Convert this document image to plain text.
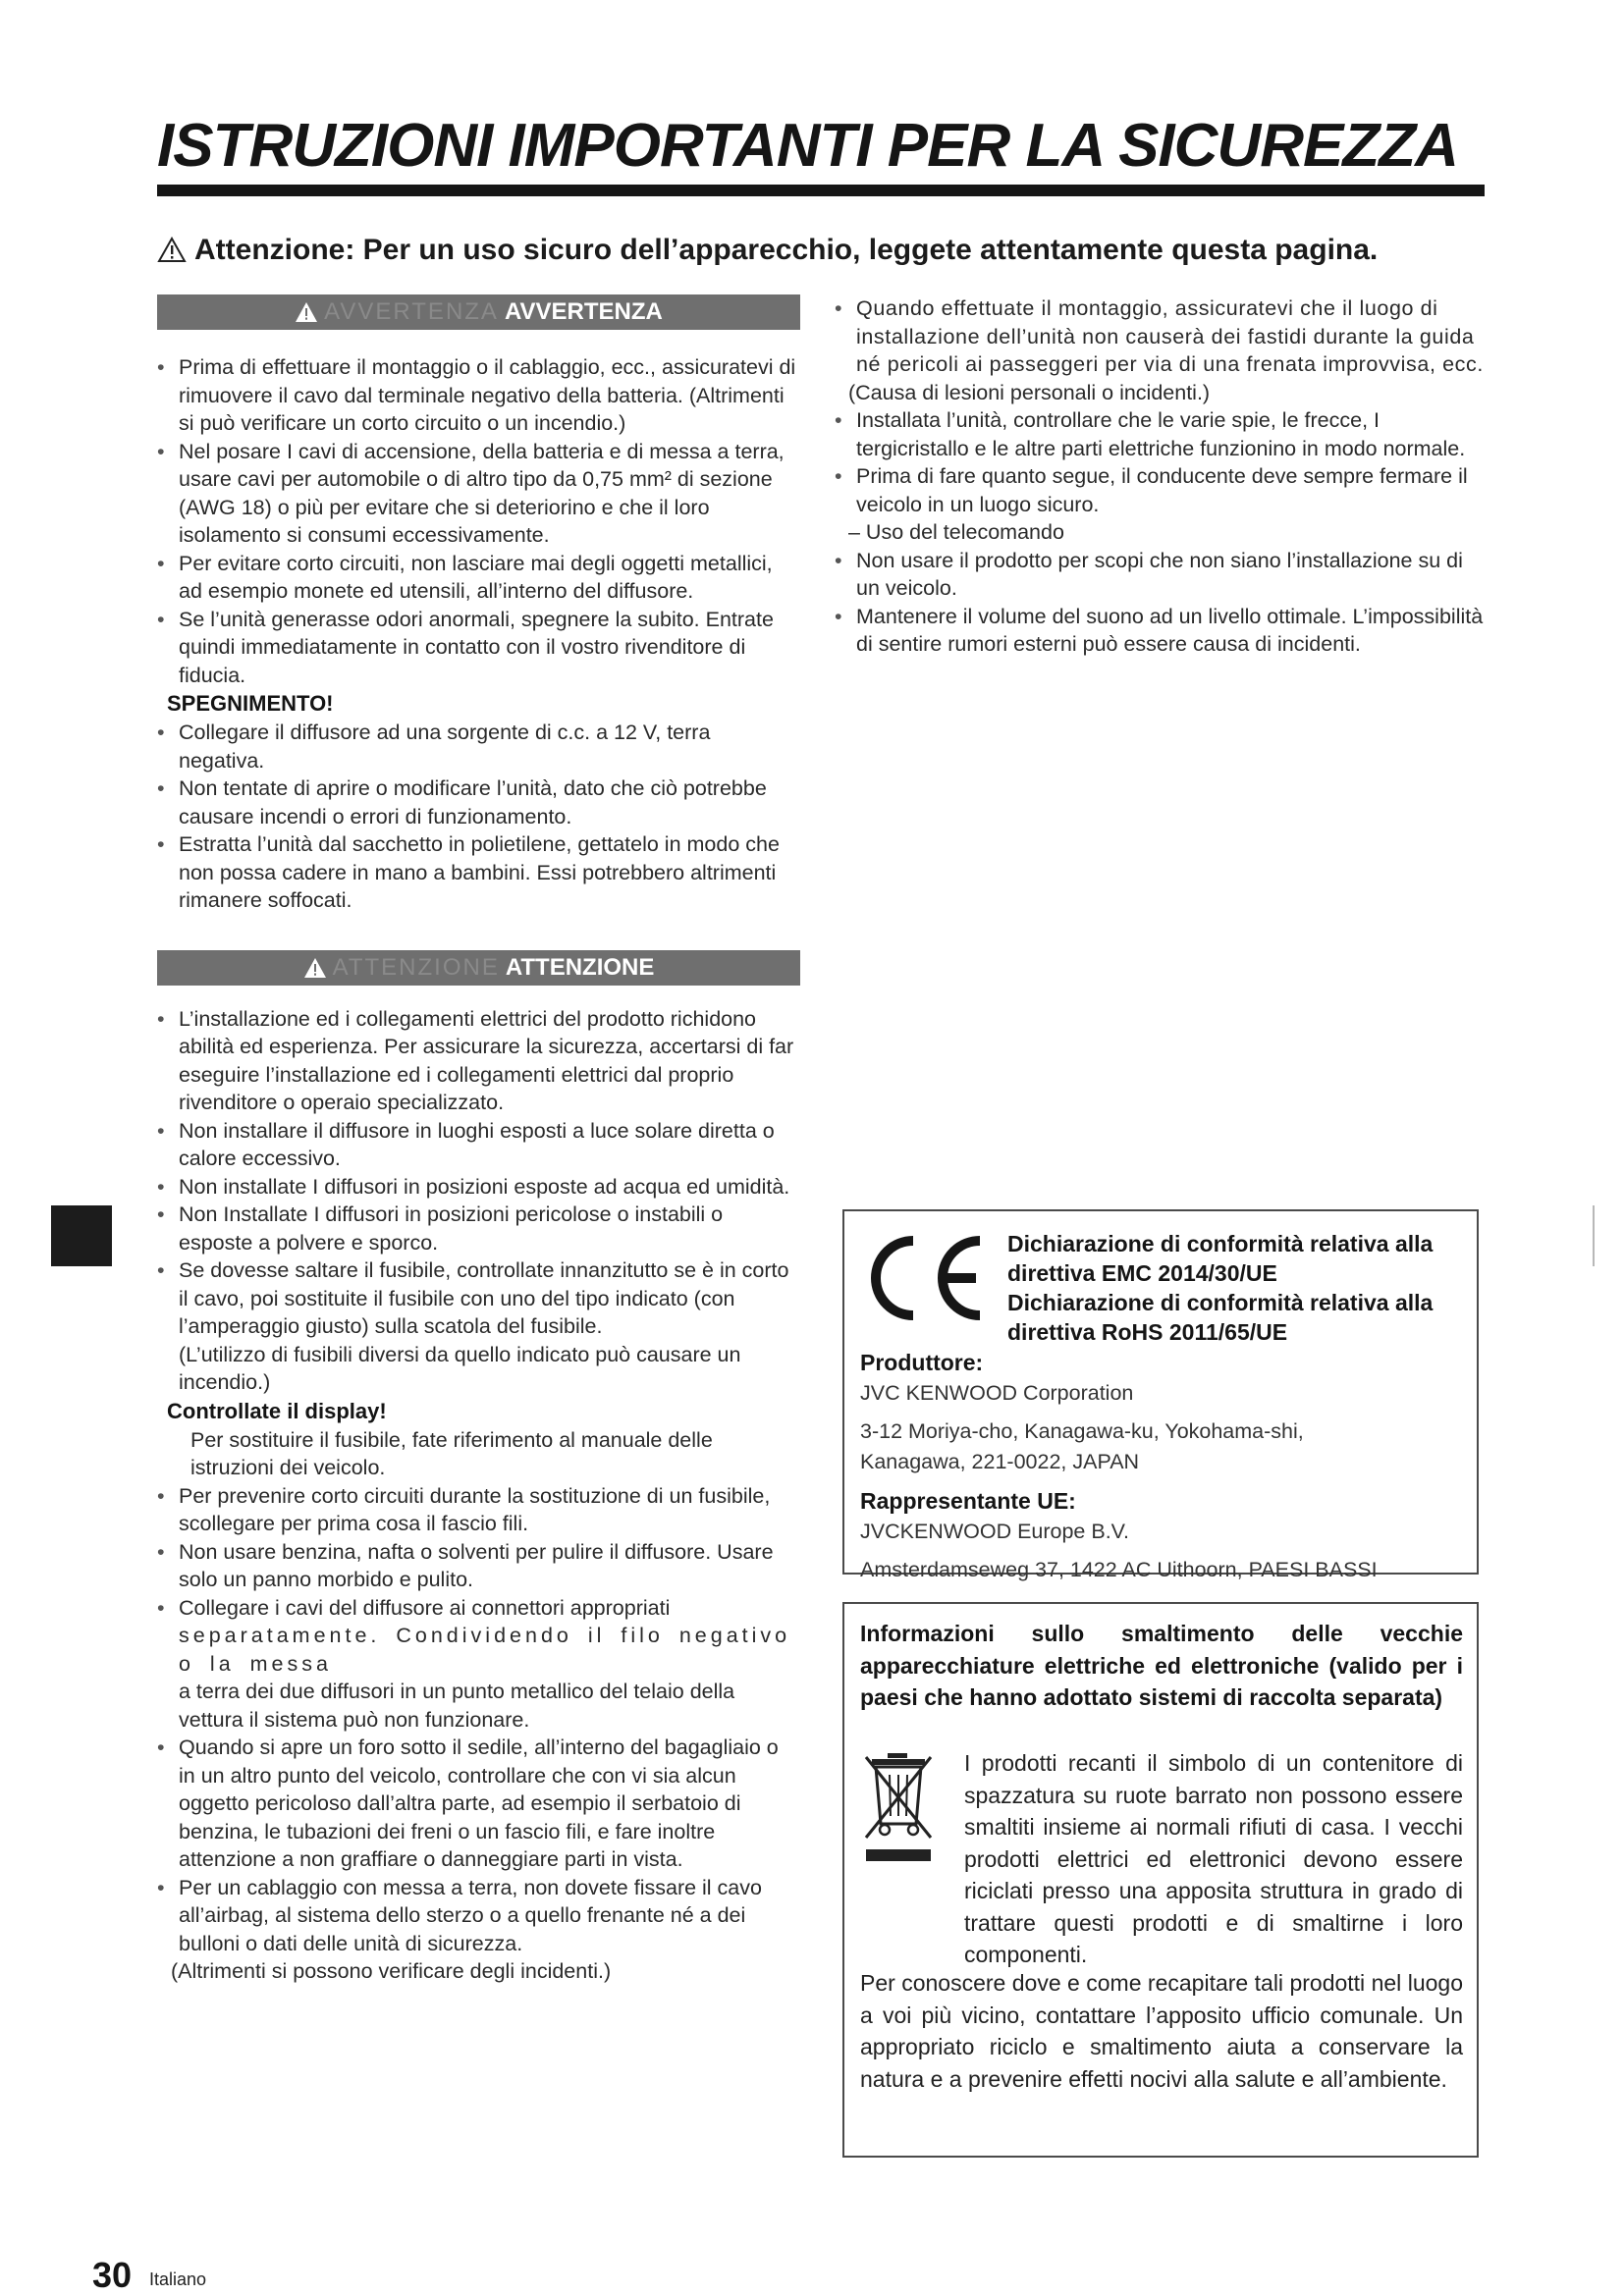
ISTRUZIONI IMPORTANTI PER LA SICUREZZA
Attenzione: Per un uso sicuro dell’apparecchio, leggete attentamente questa pagina.
AVVERTENZA AVVERTENZA
• Prima di effettuare il montaggio o il cablaggio, ecc., assicuratevi di rimuovere il cavo dal terminale negativo della batteria. (Altrimenti si può verificare un corto circuito o un incendio.)
• Nel posare I cavi di accensione, della batteria e di messa a terra, usare cavi per automobile o di altro tipo da 0,75 mm² di sezione (AWG 18) o più per evitare che si deteriorino e che il loro isolamento si consumi eccessivamente.
• Per evitare corto circuiti, non lasciare mai degli oggetti metallici, ad esempio monete ed utensili, all’interno del diffusore.
• Se l’unità generasse odori anormali, spegnere la subito. Entrate quindi immediatamente in contatto con il vostro rivenditore di fiducia.
SPEGNIMENTO!
• Collegare il diffusore ad una sorgente di c.c. a 12 V, terra negativa.
• Non tentate di aprire o modificare l’unità, dato che ciò potrebbe causare incendi o errori di funzionamento.
• Estratta l’unità dal sacchetto in polietilene, gettatelo in modo che non possa cadere in mano a bambini. Essi potrebbero altrimenti rimanere soffocati.
ATTENZIONE ATTENZIONE
• L’installazione ed i collegamenti elettrici del prodotto richidono abilità ed esperienza. Per assicurare la sicurezza, accertarsi di far eseguire l’installazione ed i collegamenti elettrici dal proprio rivenditore o operaio specializzato.
• Non installare il diffusore in luoghi esposti a luce solare diretta o calore eccessivo.
• Non installate I diffusori in posizioni esposte ad acqua ed umidità.
• Non Installate I diffusori in posizioni pericolose o instabili o esposte a polvere e sporco.
• Se dovesse saltare il fusibile, controllate innanzitutto se è in corto il cavo, poi sostituite il fusibile con uno del tipo indicato (con l’amperaggio giusto) sulla scatola del fusibile.
(L’utilizzo di fusibili diversi da quello indicato può causare un incendio.)
Controllate il display!
Per sostituire il fusibile, fate riferimento al manuale delle istruzioni dei veicolo.
• Per prevenire corto circuiti durante la sostituzione di un fusibile, scollegare per prima cosa il fascio fili.
• Non usare benzina, nafta o solventi per pulire il diffusore. Usare solo un panno morbido e pulito.
• Collegare i cavi del diffusore ai connettori appropriati
separatamente. Condividendo il filo negativo o la messa
a terra dei due diffusori in un punto metallico del telaio della vettura il sistema può non funzionare.
• Quando si apre un foro sotto il sedile, all’interno del bagagliaio o in un altro punto del veicolo, controllare che con vi sia alcun oggetto pericoloso dall’altra parte, ad esempio il serbatoio di benzina, le tubazioni dei freni o un fascio fili, e fare inoltre attenzione a non graffiare o danneggiare parti in vista.
• Per un cablaggio con messa a terra, non dovete fissare il cavo all’airbag, al sistema dello sterzo o a quello frenante né a dei bulloni o dati delle unità di sicurezza.
(Altrimenti si possono verificare degli incidenti.)
• Quando effettuate il montaggio, assicuratevi che il luogo di installazione dell’unità non causerà dei fastidi durante la guida né pericoli ai passeggeri per via di una frenata improvvisa, ecc.
(Causa di lesioni personali o incidenti.)
• Installata l’unità, controllare che le varie spie, le frecce, I tergicristallo e le altre parti elettriche funzionino in modo normale.
• Prima di fare quanto segue, il conducente deve sempre fermare il veicolo in un luogo sicuro.
– Uso del telecomando
• Non usare il prodotto per scopi che non siano l’installazione su di un veicolo.
• Mantenere il volume del suono ad un livello ottimale. L’impossibilità di sentire rumori esterni può essere causa di incidenti.
Dichiarazione di conformità relativa alla direttiva EMC 2014/30/UE
Dichiarazione di conformità relativa alla direttiva RoHS 2011/65/UE
Produttore:
JVC KENWOOD Corporation
3-12 Moriya-cho, Kanagawa-ku, Yokohama-shi,
Kanagawa, 221-0022, JAPAN
Rappresentante UE:
JVCKENWOOD Europe B.V.
Amsterdamseweg 37, 1422 AC Uithoorn, PAESI BASSI
Informazioni sullo smaltimento delle vecchie apparecchiature elettriche ed elettroniche (valido per i paesi che hanno adottato sistemi di raccolta separata)
I prodotti recanti il simbolo di un contenitore di spazzatura su ruote barrato non possono essere smaltiti insieme ai normali rifiuti di casa. I vecchi prodotti elettrici ed elettronici devono essere riciclati presso una apposita struttura in grado di trattare questi prodotti e di smaltirne i loro componenti.
Per conoscere dove e come recapitare tali prodotti nel luogo a voi più vicino, contattare l’apposito ufficio comunale. Un appropriato riciclo e smaltimento aiuta a conservare la natura e a prevenire effetti nocivi alla salute e all’ambiente.
30 Italiano
